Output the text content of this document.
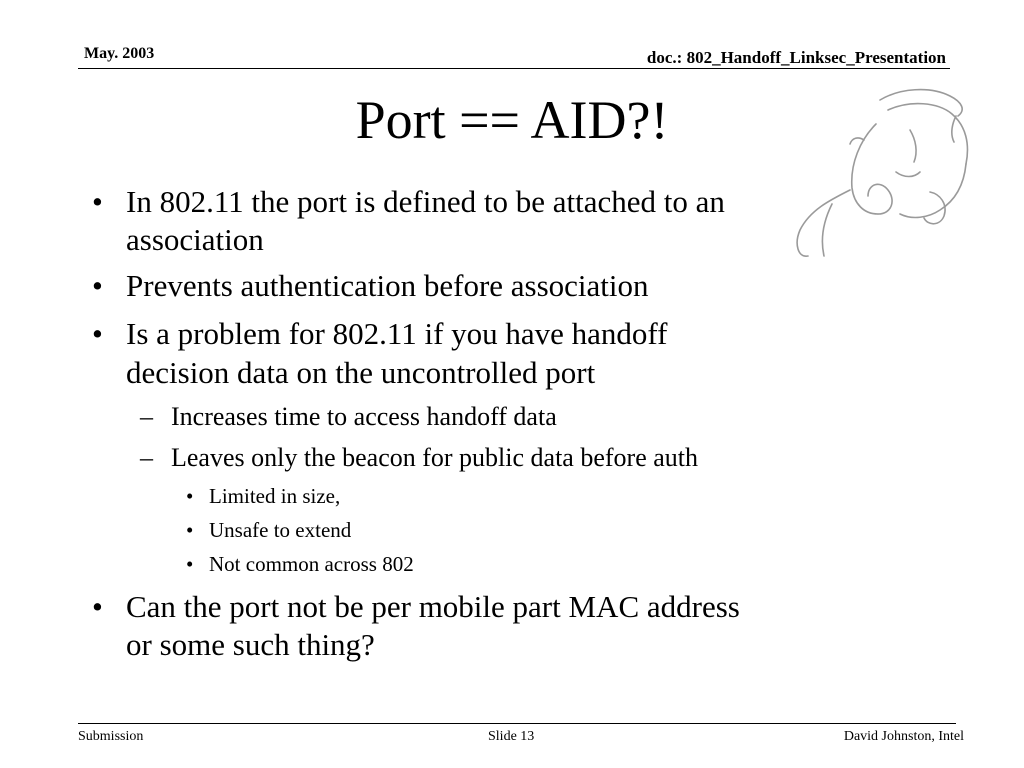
May. 2003	doc.: 802_Handoff_Linksec_Presentation
Port == AID?!
• In 802.11 the port is defined to be attached to an
association
• Prevents authentication before association
• Is a problem for 802.11 if you have handoff
decision data on the uncontrolled port
– Increases time to access handoff data
– Leaves only the beacon for public data before auth
• Limited in size,
• Unsafe to extend
• Not common across 802
• Can the port not be per mobile part MAC address
or some such thing?
Submission	Slide 13	David Johnston, Intel
